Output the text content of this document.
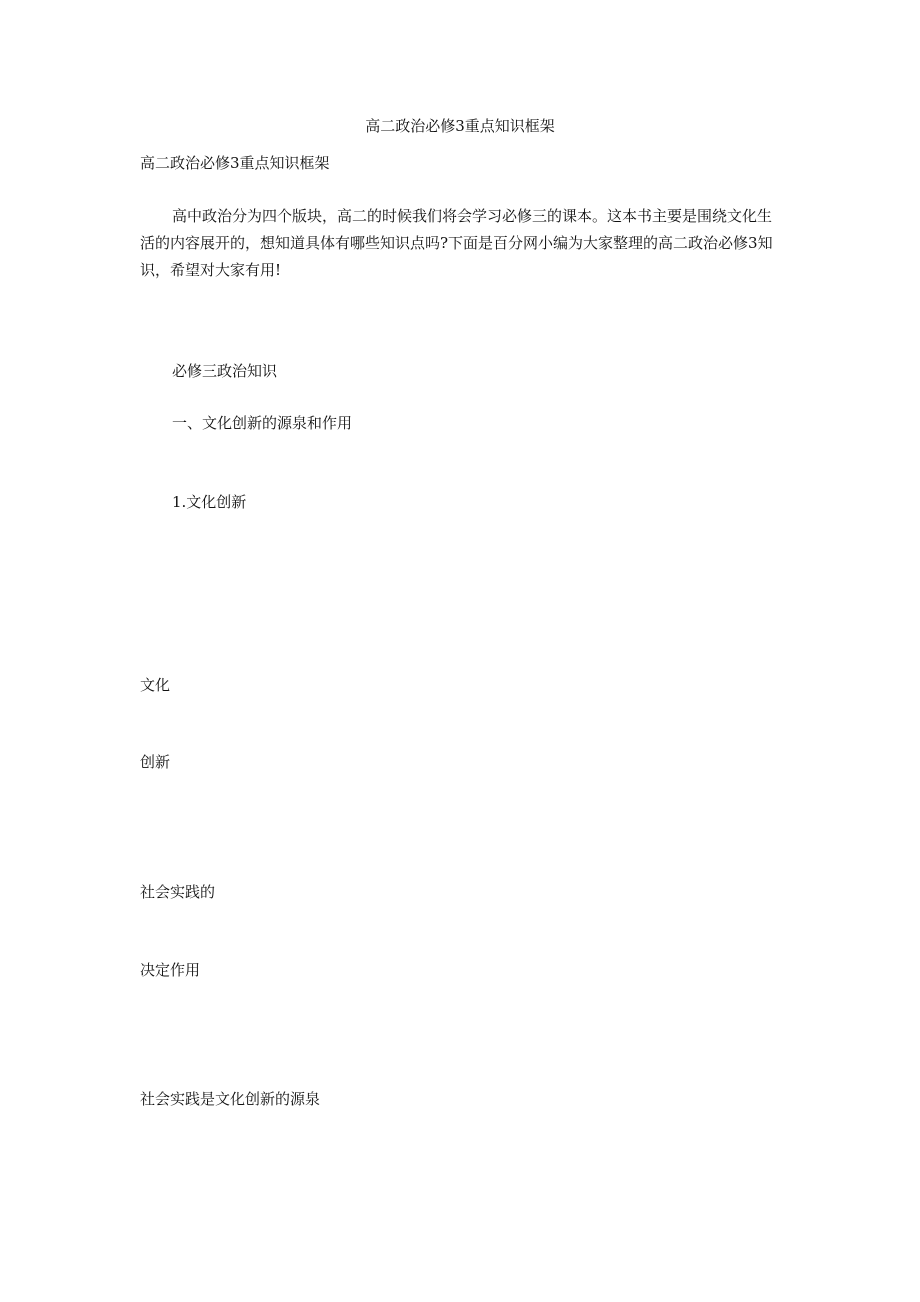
高二政治必修3重点知识框架
高二政治必修3重点知识框架

高中政治分为四个版块，高二的时候我们将会学习必修三的课本。这本书主要是围绕文化生活的内容展开的，想知道具体有哪些知识点吗?下面是百分网小编为大家整理的高二政治必修3知识，希望对大家有用!

必修三政治知识
一、文化创新的源泉和作用
1.文化创新
文化
创新
社会实践的
决定作用
社会实践是文化创新的源泉
